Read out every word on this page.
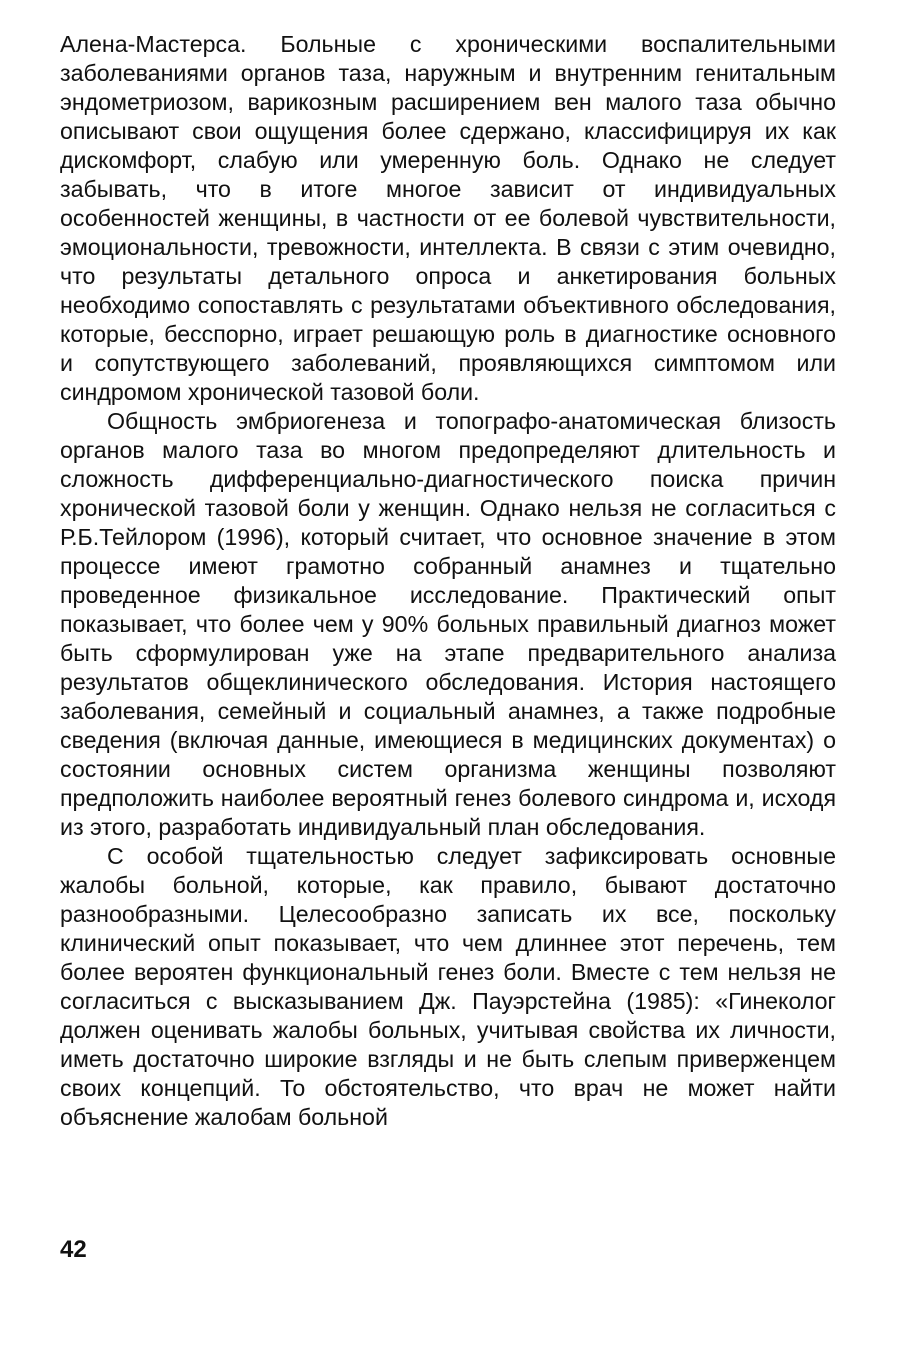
Алена-Мастерса. Больные с хроническими воспалительными заболеваниями органов таза, наружным и внутренним генитальным эндометриозом, варикозным расширением вен малого таза обычно описывают свои ощущения более сдержано, классифицируя их как дискомфорт, слабую или умеренную боль. Однако не следует забывать, что в итоге многое зависит от индивидуальных особенностей женщины, в частности от ее болевой чувствительности, эмоциональности, тревожности, интеллекта. В связи с этим очевидно, что результаты детального опроса и анкетирования больных необходимо сопоставлять с результатами объективного обследования, которые, бесспорно, играет решающую роль в диагностике основного и сопутствующего заболеваний, проявляющихся симптомом или синдромом хронической тазовой боли.

Общность эмбриогенеза и топографо-анатомическая близость органов малого таза во многом предопределяют длительность и сложность дифференциально-диагностического поиска причин хронической тазовой боли у женщин. Однако нельзя не согласиться с Р.Б.Тейлором (1996), который считает, что основное значение в этом процессе имеют грамотно собранный анамнез и тщательно проведенное физикальное исследование. Практический опыт показывает, что более чем у 90% больных правильный диагноз может быть сформулирован уже на этапе предварительного анализа результатов общеклинического обследования. История настоящего заболевания, семейный и социальный анамнез, а также подробные сведения (включая данные, имеющиеся в медицинских документах) о состоянии основных систем организма женщины позволяют предположить наиболее вероятный генез болевого синдрома и, исходя из этого, разработать индивидуальный план обследования.

С особой тщательностью следует зафиксировать основные жалобы больной, которые, как правило, бывают достаточно разнообразными. Целесообразно записать их все, поскольку клинический опыт показывает, что чем длиннее этот перечень, тем более вероятен функциональный генез боли. Вместе с тем нельзя не согласиться с высказыванием Дж. Пауэрстейна (1985): «Гинеколог должен оценивать жалобы больных, учитывая свойства их личности, иметь достаточно широкие взгляды и не быть слепым приверженцем своих концепций. То обстоятельство, что врач не может найти объяснение жалобам больной

42
